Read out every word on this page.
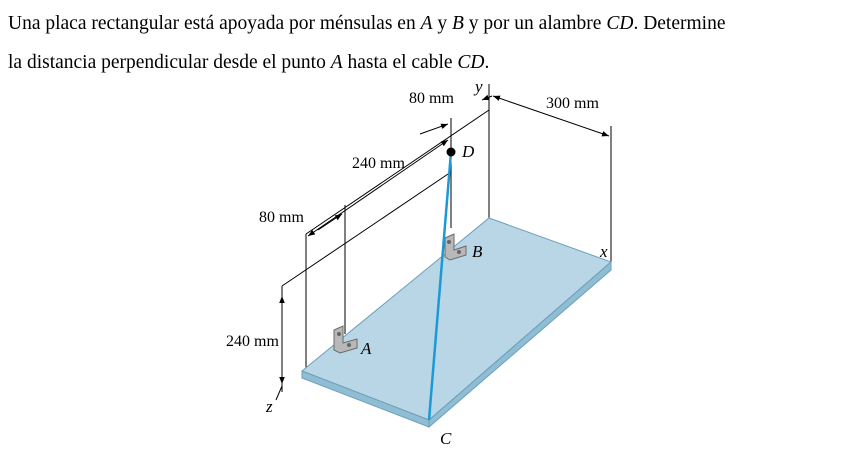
Una placa rectangular está apoyada por ménsulas en A y B y por un alambre CD. Determine
la distancia perpendicular desde el punto A hasta el cable CD.
80 mm	300 mm
240 mm
80 mm
240 mm
y
x
z
D
B
A
C
